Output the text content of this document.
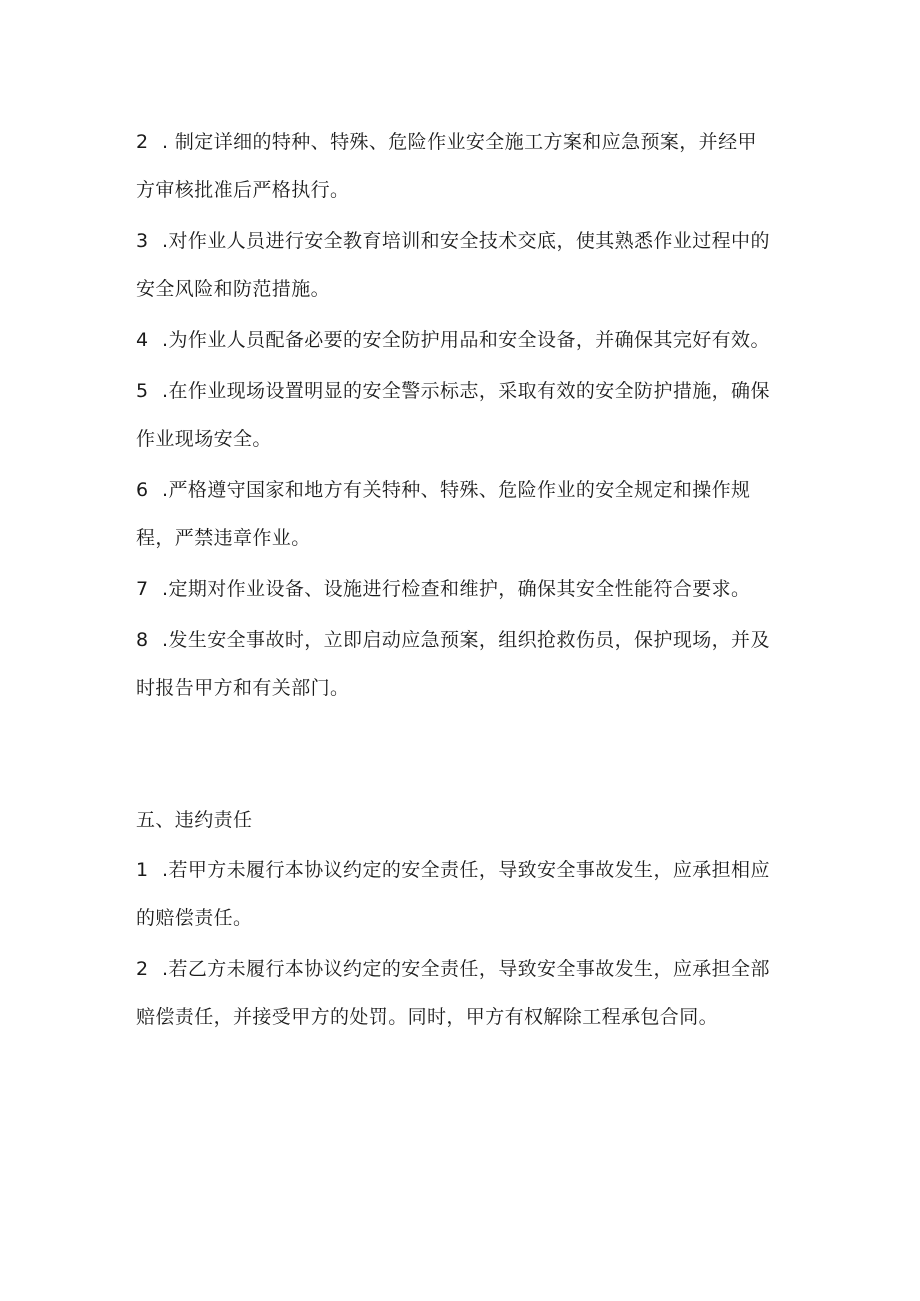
2 . 制定详细的特种、特殊、危险作业安全施工方案和应急预案，并经甲方审核批准后严格执行。

3 .对作业人员进行安全教育培训和安全技术交底，使其熟悉作业过程中的安全风险和防范措施。

4 .为作业人员配备必要的安全防护用品和安全设备，并确保其完好有效。

5 .在作业现场设置明显的安全警示标志，采取有效的安全防护措施，确保作业现场安全。

6 .严格遵守国家和地方有关特种、特殊、危险作业的安全规定和操作规程，严禁违章作业。

7 .定期对作业设备、设施进行检查和维护，确保其安全性能符合要求。

8 .发生安全事故时，立即启动应急预案，组织抢救伤员，保护现场，并及时报告甲方和有关部门。

五、违约责任

1 .若甲方未履行本协议约定的安全责任，导致安全事故发生，应承担相应的赔偿责任。

2 .若乙方未履行本协议约定的安全责任，导致安全事故发生，应承担全部赔偿责任，并接受甲方的处罚。同时，甲方有权解除工程承包合同。
